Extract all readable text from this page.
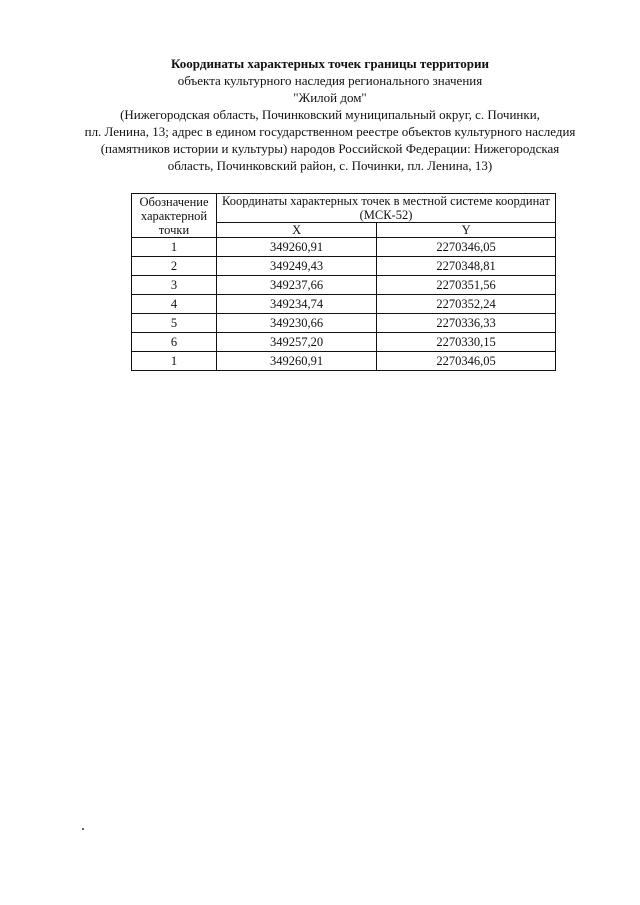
Координаты характерных точек границы территории
объекта культурного наследия регионального значения
"Жилой дом"
(Нижегородская область, Починковский муниципальный округ, с. Починки,
пл. Ленина, 13; адрес в едином государственном реестре объектов культурного наследия
(памятников истории и культуры) народов Российской Федерации: Нижегородская
область, Починковский район, с. Починки, пл. Ленина, 13)
Обозначение характерной точки	Координаты характерных точек в местной системе координат (МСК-52)	
	X	Y
1	349260,91	2270346,05
2	349249,43	2270348,81
3	349237,66	2270351,56
4	349234,74	2270352,24
5	349230,66	2270336,33
6	349257,20	2270330,15
1	349260,91	2270346,05
